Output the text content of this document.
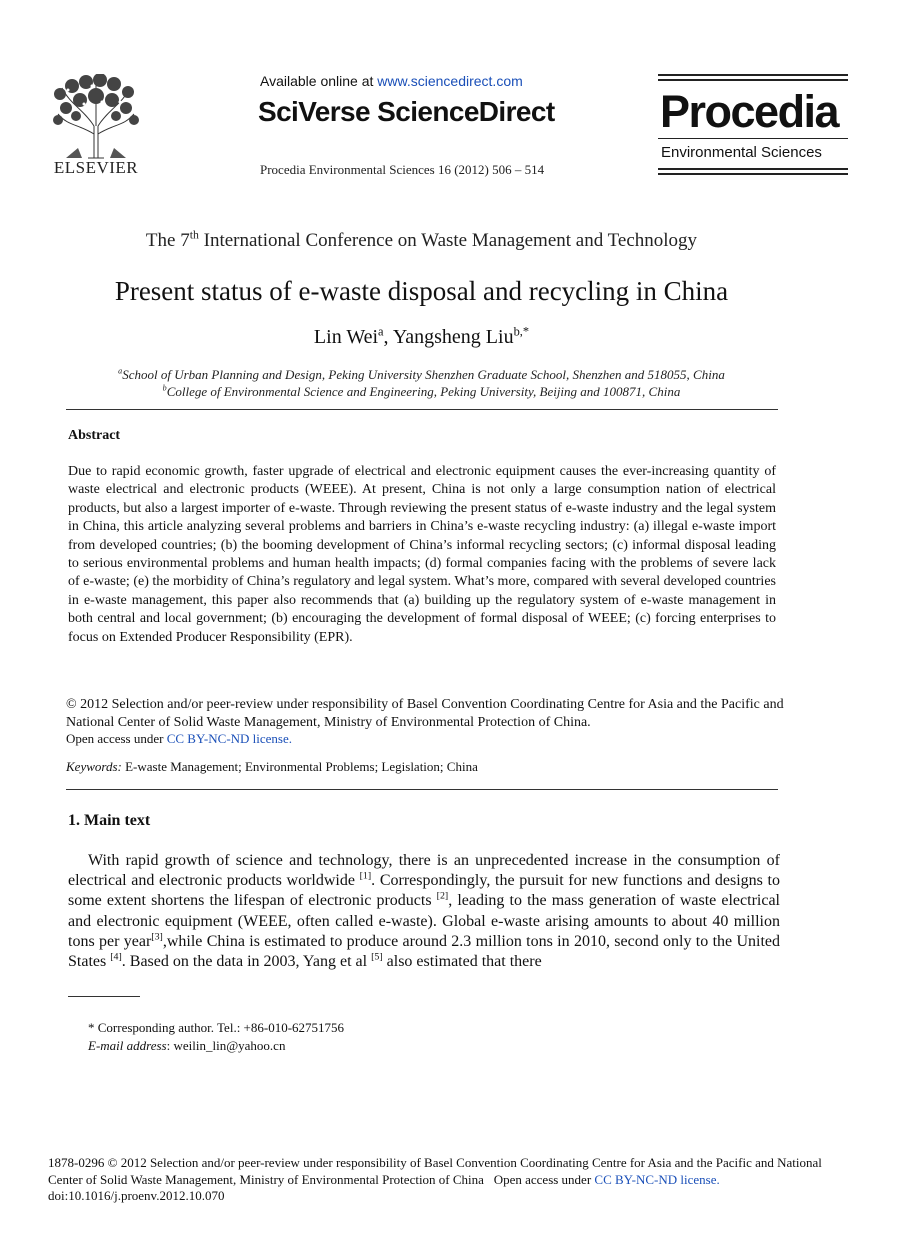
ELSEVIER
Available online at www.sciencedirect.com
SciVerse ScienceDirect
Procedia Environmental Sciences 16 (2012) 506 – 514
Procedia
Environmental Sciences
The 7th International Conference on Waste Management and Technology
Present status of e-waste disposal and recycling in China
Lin Wei$^a$, Yangsheng Liu$^{b,*}$
$^a$School of Urban Planning and Design, Peking University Shenzhen Graduate School, Shenzhen and 518055, China
$^b$College of Environmental Science and Engineering, Peking University, Beijing and 100871, China
Abstract
Due to rapid economic growth, faster upgrade of electrical and electronic equipment causes the ever-increasing quantity of waste electrical and electronic products (WEEE). At present, China is not only a large consumption nation of electrical products, but also a largest importer of e-waste. Through reviewing the present status of e-waste industry and the legal system in China, this article analyzing several problems and barriers in China’s e-waste recycling industry: (a) illegal e-waste import from developed countries; (b) the booming development of China’s informal recycling sectors; (c) informal disposal leading to serious environmental problems and human health impacts; (d) formal companies facing with the problems of severe lack of e-waste; (e) the morbidity of China’s regulatory and legal system. What’s more, compared with several developed countries in e-waste management, this paper also recommends that (a) building up the regulatory system of e-waste management in both central and local government; (b) encouraging the development of formal disposal of WEEE; (c) forcing enterprises to focus on Extended Producer Responsibility (EPR).
© 2012 Selection and/or peer-review under responsibility of Basel Convention Coordinating Centre for Asia and the Pacific and National Center of Solid Waste Management, Ministry of Environmental Protection of China.
Open access under CC BY-NC-ND license.
Keywords: E-waste Management; Environmental Problems; Legislation; China
1. Main text
With rapid growth of science and technology, there is an unprecedented increase in the consumption of electrical and electronic products worldwide [1]. Correspondingly, the pursuit for new functions and designs to some extent shortens the lifespan of electronic products [2], leading to the mass generation of waste electrical and electronic equipment (WEEE, often called e-waste). Global e-waste arising amounts to about 40 million tons per year[3],while China is estimated to produce around 2.3 million tons in 2010, second only to the United States [4]. Based on the data in 2003, Yang et al [5] also estimated that there
* Corresponding author. Tel.: +86-010-62751756
E-mail address: weilin_lin@yahoo.cn
1878-0296 © 2012 Selection and/or peer-review under responsibility of Basel Convention Coordinating Centre for Asia and the Pacific and National Center of Solid Waste Management, Ministry of Environmental Protection of China   Open access under CC BY-NC-ND license.
doi:10.1016/j.proenv.2012.10.070
